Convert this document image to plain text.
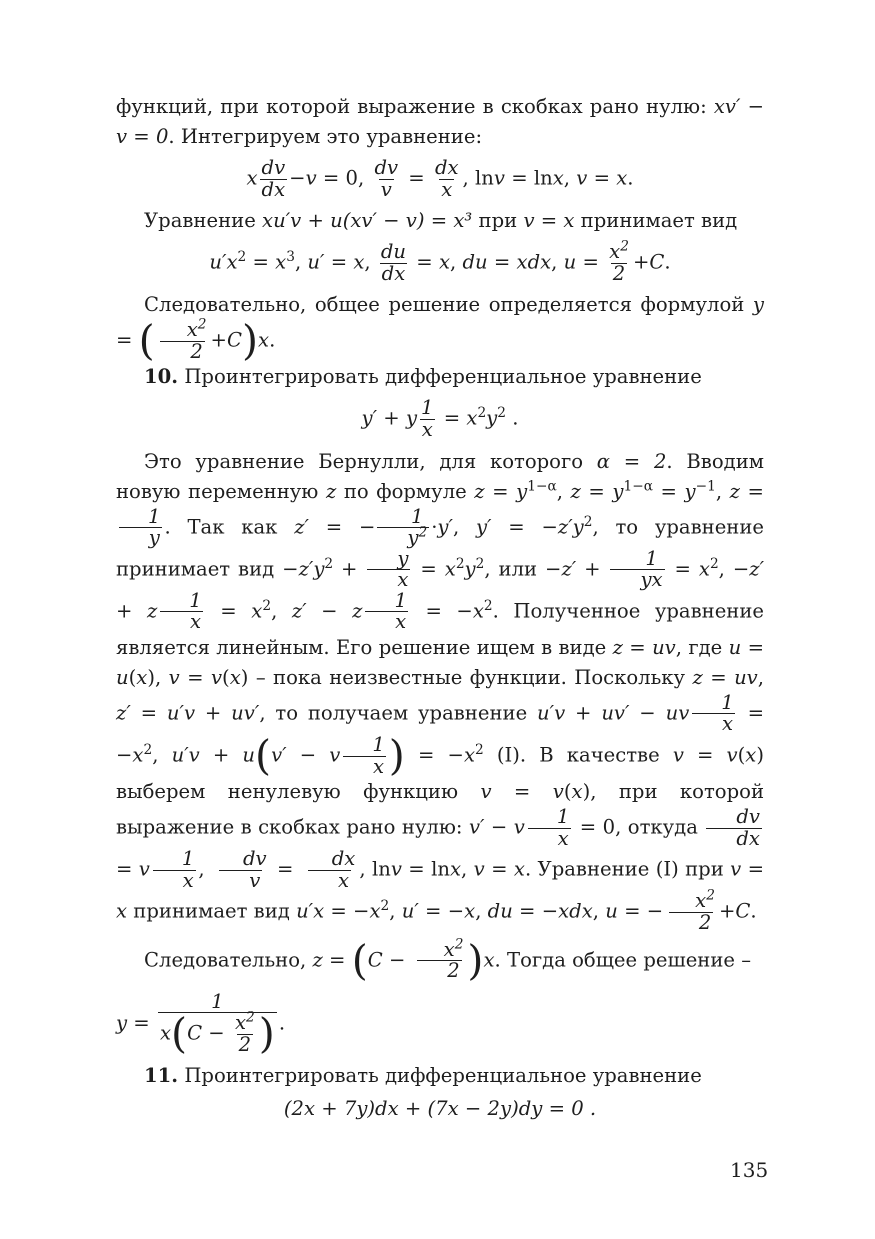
функций, при которой выражение в скобках рано нулю: xv′ − v = 0. Интегрируем это уравнение:

x $\frac{dv}{dx} -v = 0$, $\frac{dv}{v} = \frac{dx}{x}$ , lnv = lnx, v = x.

Уравнение xu′v + u(xv′ − v) = x³ при v = x принимает вид

$u'x^2 = x^3$, u′ = x, $\frac{du}{dx} = x$, du = xdx, $u = \frac{x^2}{2} +C$.

Следовательно, общее решение определяется формулой y = ( $\frac{x^2}{2} +C)x$.

10. Проинтегрировать дифференциальное уравнение

y′ + y $\frac{1}{x} = x^2y^2$ .

Это уравнение Бернулли, для которого α = 2. Вводим новую переменную z по формуле $z = y^{1-\alpha}$, $z = y^{1-\alpha} = y^{-1}$, z =
$\frac{1}{y}$ . Так как z′ = − $\frac{1}{y^2} \cdot y'$, $y' = -z'y^2$, то уравнение принимает вид $-z'y^2 + \frac{y}{x} = x^2y^2$, или $-z' + \frac{1}{yx} = x^2$, −z′ + z $\frac{1}{x} = x^2$, z′ − z $\frac{1}{x} = -x^2$. Полученное уравнение является линейным. Его решение ищем в виде z = uv, где u = u(x), v = v(x) – пока неизвестные функции. Поскольку z = uv, z′ = u′v + uv′, то получаем уравнение u′v + uv′ − uv $\frac{1}{x} = -x^2$, u′v + u(v′ − v $\frac{1}{x}$ ) = $-x^2$ (I). В качестве v = v(x) выберем ненулевую функцию v = v(x), при которой выражение в скобках рано нулю: v′ − v $\frac{1}{x} = 0$, откуда $\frac{dv}{dx}$
= v $\frac{1}{x}$ , $\frac{dv}{v} = \frac{dx}{x}$ , lnv = lnx, v = x. Уравнение (I) при v = x принимает вид $u'x = -x^2$, u′ = −x, du = −xdx, u = − $\frac{x^2}{2} +C$.

Следовательно, $z = (C - \frac{x^2}{2} )x$. Тогда общее решение –

$y = \frac{1}{x(C - \frac{x^2}{2} )}$ .

11. Проинтегрировать дифференциальное уравнение

(2x + 7y)dx + (7x − 2y)dy = 0 .
135
